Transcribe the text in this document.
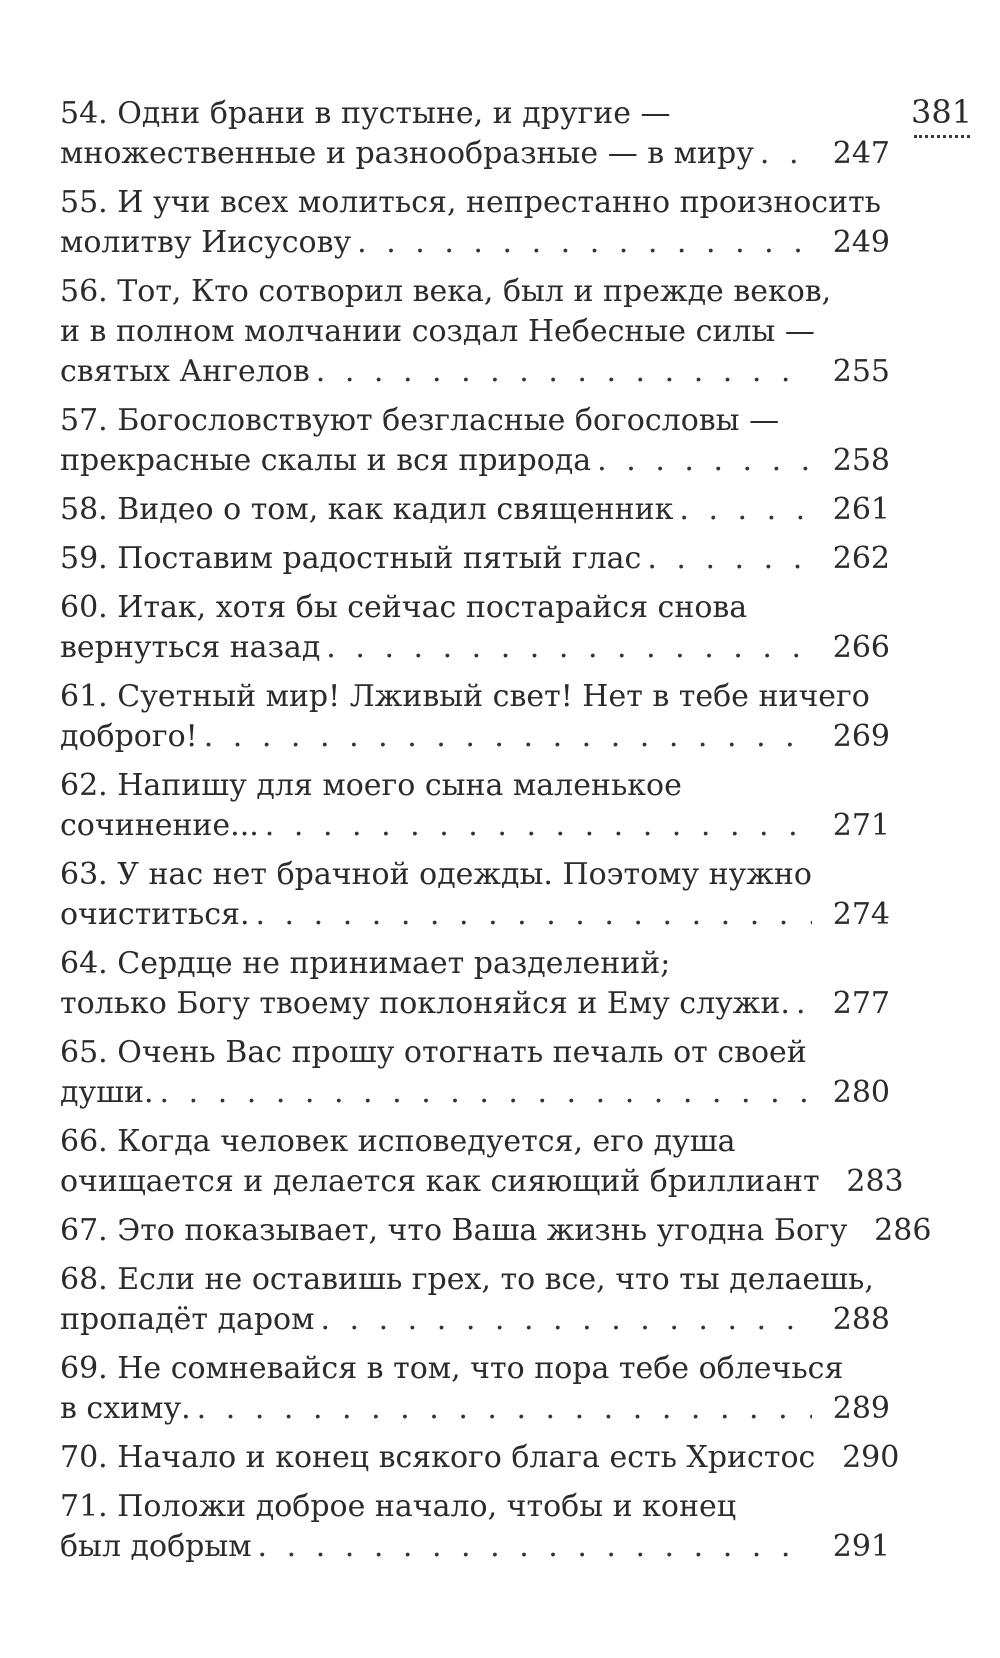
381
54. Одни брани в пустыне, и другие —
множественные и разнообразные — в миру . . .	247
55. И учи всех молиться, непрестанно произносить
молитву Иисусову . . .	249
56. Тот, Кто сотворил века, был и прежде веков,
и в полном молчании создал Небесные силы —
святых Ангелов . . .	255
57. Богословствуют безгласные богословы —
прекрасные скалы и вся природа . . .	258
58. Видео о том, как кадил священник . . .	261
59. Поставим радостный пятый глас . . .	262
60. Итак, хотя бы сейчас постарайся снова
вернуться назад . . .	266
61. Суетный мир! Лживый свет! Нет в тебе ничего
доброго! . . .	269
62. Напишу для моего сына маленькое
сочинение... . . .	271
63. У нас нет брачной одежды. Поэтому нужно
очиститься. . . .	274
64. Сердце не принимает разделений;
только Богу твоему поклоняйся и Ему служи. . . .	277
65. Очень Вас прошу отогнать печаль от своей
души. . . .	280
66. Когда человек исповедуется, его душа
очищается и делается как сияющий бриллиант . . . 283
67. Это показывает, что Ваша жизнь угодна Богу . . . 286
68. Если не оставишь грех, то все, что ты делаешь,
пропадёт даром . . .	288
69. Не сомневайся в том, что пора тебе облечься
в схиму. . . .	289
70. Начало и конец всякого блага есть Христос . . . 290
71. Положи доброе начало, чтобы и конец
был добрым . . .	291
